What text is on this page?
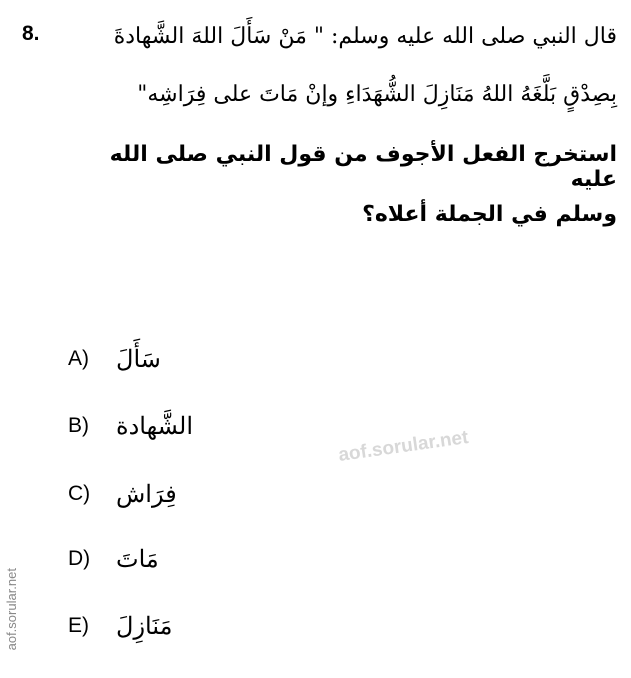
8.	قال النبي صلى الله عليه وسلم: " مَنْ سَأَلَ اللهَ الشَّهادةَ
بِصِدْقٍ بَلَّغَهُ اللهُ مَنَازِلَ الشُّهَدَاءِ وإنْ مَاتَ على فِرَاشِه"
استخرج الفعل الأجوف من قول النبي صلى الله عليه
وسلم في الجملة أعلاه؟
A)	سَأَلَ
B)	الشَّهادة
C)	فِرَاش
D)	مَاتَ
E)	مَنَازِلَ
aof.sorular.net
aof.sorular.net
